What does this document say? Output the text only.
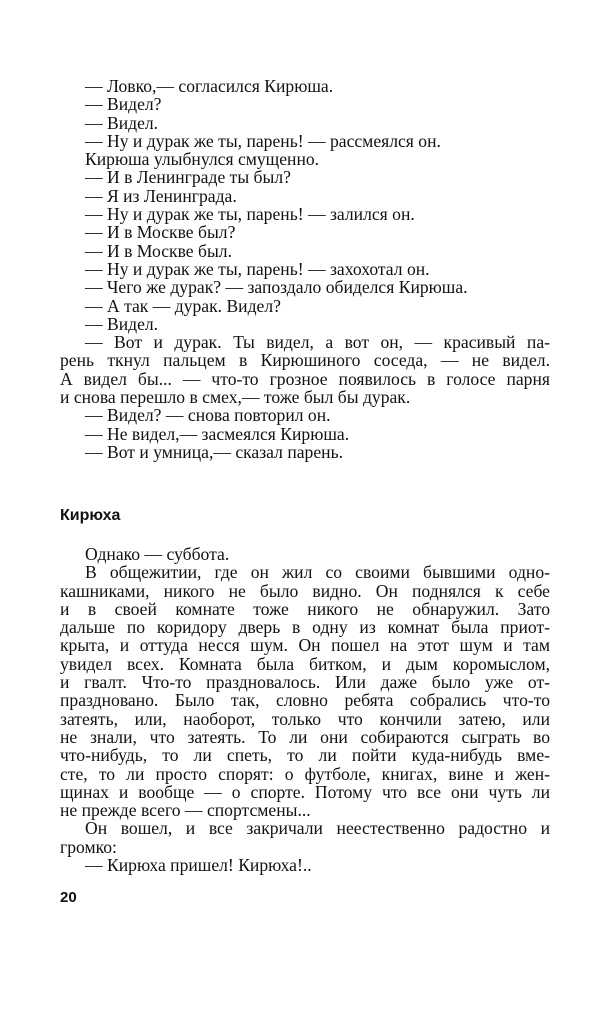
— Ловко,— согласился Кирюша.
— Видел?
— Видел.
— Ну и дурак же ты, парень! — рассмеялся он.
Кирюша улыбнулся смущенно.
— И в Ленинграде ты был?
— Я из Ленинграда.
— Ну и дурак же ты, парень! — залился он.
— И в Москве был?
— И в Москве был.
— Ну и дурак же ты, парень! — захохотал он.
— Чего же дурак? — запоздало обиделся Кирюша.
— А так — дурак. Видел?
— Видел.
— Вот и дурак. Ты видел, а вот он, — красивый па-
рень ткнул пальцем в Кирюшиного соседа, — не видел.
А видел бы... — что-то грозное появилось в голосе парня
и снова перешло в смех,— тоже был бы дурак.
— Видел? — снова повторил он.
— Не видел,— засмеялся Кирюша.
— Вот и умница,— сказал парень.
Кирюха
Однако — суббота.
В общежитии, где он жил со своими бывшими одно-
кашниками, никого не было видно. Он поднялся к себе
и в своей комнате тоже никого не обнаружил. Зато
дальше по коридору дверь в одну из комнат была приот-
крыта, и оттуда несся шум. Он пошел на этот шум и там
увидел всех. Комната была битком, и дым коромыслом,
и гвалт. Что-то праздновалось. Или даже было уже от-
праздновано. Было так, словно ребята собрались что-то
затеять, или, наоборот, только что кончили затею, или
не знали, что затеять. То ли они собираются сыграть во
что-нибудь, то ли спеть, то ли пойти куда-нибудь вме-
сте, то ли просто спорят: о футболе, книгах, вине и жен-
щинах и вообще — о спорте. Потому что все они чуть ли
не прежде всего — спортсмены...
Он вошел, и все закричали неестественно радостно и
громко:
— Кирюха пришел! Кирюха!..
20
